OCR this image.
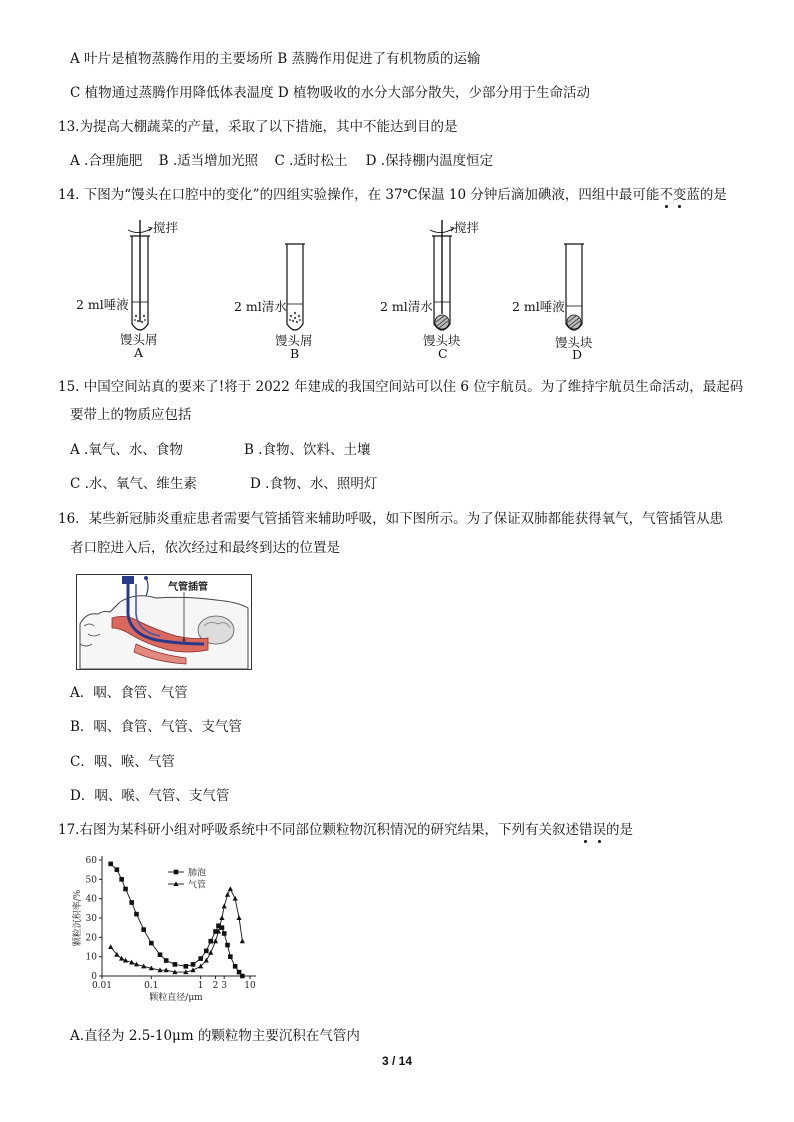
A 叶片是植物蒸腾作用的主要场所 B 蒸腾作用促进了有机物质的运输
C 植物通过蒸腾作用降低体表温度 D 植物吸收的水分大部分散失，少部分用于生命活动
13.为提高大棚蔬菜的产量，采取了以下措施，其中不能达到目的是
A .合理施肥 B .适当增加光照 C .适时松土 D .保持棚内温度恒定
14. 下图为“馒头在口腔中的变化”的四组实验操作，在 37℃保温 10 分钟后滴加碘液，四组中最可能不变蓝的是
搅拌	搅拌
2 ml唾液	2 ml清水	2 ml清水	2 ml唾液
馒头屑	馒头屑	馒头块	馒头块
A	B	C	D
15. 中国空间站真的要来了!将于 2022 年建成的我国空间站可以住 6 位宇航员。为了维持宇航员生命活动，最起码
要带上的物质应包括
A .氧气、水、食物	B .食物、饮料、土壤
C .水、氧气、维生素	D .食物、水、照明灯
16．某些新冠肺炎重症患者需要气管插管来辅助呼吸，如下图所示。为了保证双肺都能获得氧气，气管插管从患
者口腔进入后，依次经过和最终到达的位置是
气管插管
A．咽、食管、气管
B．咽、食管、气管、支气管
C．咽、喉、气管
D．咽、喉、气管、支气管
17.右图为某科研小组对呼吸系统中不同部位颗粒物沉积情况的研究结果，下列有关叙述错误的是
0
10
20
30
40
50
60
0.01	0.1	1 2 3 10
颗粒直径/μm
颗粒沉积率/%
肺泡
气管
A.直径为 2.5-10μm 的颗粒物主要沉积在气管内
3 / 14
